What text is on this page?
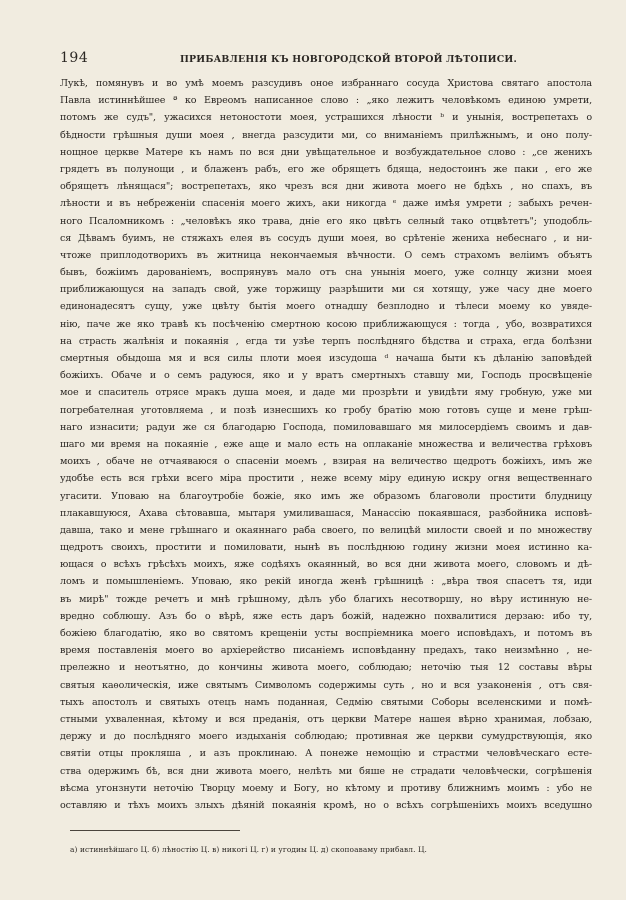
194	ПРИБАВЛЕНІЯ КЪ НОВГОРОДСКОЙ ВТОРОЙ ЛѢТОПИСИ.
Лукѣ, помянувъ и во умѣ моемъ разсудивъ оное избраннаго сосуда Христова святаго апостола
Павла истиннѣйшее ª ко Евреомъ написанное слово : „яко лежитъ человѣкомъ единою умрети,
потомъ же судъ", ужасихся нетоностоти моея, устрашихся лѣности ᵇ и унынія, вострепетахъ о
бѣдности грѣшныя души моея , внегда разсудити ми, со вниманіемъ прилѣжнымъ, и оно полу-
нощное церкве Матере къ намъ по вся дни увѣщательное и возбуждательное слово : „се женихъ
грядетъ въ полунощи , и блаженъ рабъ, его же обрящетъ бдяща, недостоинъ же паки , его же
обрящетъ лѣнящася"; вострепетахъ, яко чрезъ вся дни живота моего не бдѣхъ , но спахъ, въ
лѣности и въ небреженіи спасенія моего жихъ, аки никогда ᵉ даже имѣя умрети ; забыхъ речен-
ного Псаломникомъ : „человѣкъ яко трава, дніе его яко цвѣтъ селный тако отцвѣтетъ"; уподобль-
ся Дѣвамъ буимъ, не стяжахъ елея въ сосудъ души моея, во срѣтеніе жениха небеснаго , и ни-
чтоже приплодотворихъ въ житница некончаемыя вѣчности. О семъ страхомъ велiимъ объятъ
бывъ, божіимъ дарованіемъ, воспрянувъ мало отъ сна унынія моего, уже солнцу жизни моея
приближающуся на западъ свой, уже торжищу разрѣшити ми ся хотящу, уже часу дне моего
единонадесятъ сущу, уже цвѣту бытія моего отнадшу безплодно и тѣлеси моему ко увяде-
нію, паче же яко травѣ къ посѣченію смертною косою приближающуся : тогда , убо, возвратихся
на страсть жалѣнія и покаянія , егда ти узѣе терпъ послѣдняго бѣдства и страха, егда болѣзни
смертныя обыдоша мя и вся силы плоти моея изсудоша ᵈ начаша быти къ дѣланію заповѣдей
божіихъ. Обаче и о семъ радуюся, яко и у вратъ смертныхъ ставшу ми, Господь просвѣщеніе
мое и спаситель отрясе мракъ душа моея, и даде ми прозрѣти и увидѣти яму гробную, уже ми
погребателная уготовляема , и позѣ изнесшихъ ко гробу братію мою готовъ суще и мене грѣш-
наго изнасити; радуи же ся благодарю Господа, помиловавшаго мя милосердіемъ своимъ и дав-
шаго ми время на покаяніе , еже аще и мало есть на оплаканіе множества и величества грѣховъ
моихъ , обаче не отчаяваюся о спасеніи моемъ , взирая на величество щедротъ божіихъ, имъ же
удобѣе есть вся грѣхи всего міра простити , неже всему міру единую искру огня вещественнаго
угасити. Уповаю на благоутробіе божіе, яко имъ же образомъ благоволи простити блудницу
плакавшуюся, Ахава сѣтовавша, мытаря умиливашася, Манассію покаявшася, разбойника исповѣ-
давша, тако и мене грѣшнаго и окаяннаго раба своего, по велицѣй милости своей и по множеству
щедротъ своихъ, простити и помиловати, нынѣ въ послѣднюю годину жизни моея истинно ка-
ющася о всѣхъ грѣсѣхъ моихъ, яже содѣяхъ окаянный, во вся дни живота моего, словомъ и дѣ-
ломъ и помышленіемъ. Уповаю, яко рекій иногда женѣ грѣшницѣ : „вѣра твоя спасетъ тя, иди
въ мирѣ" тожде речетъ и мнѣ грѣшному, дѣлъ убо благихъ несотворшу, но вѣру истинную не-
вредно соблюшу. Азъ бо о вѣрѣ, яже есть даръ божій, надежно похвалитися дерзаю: ибо ту,
божiею благодатію, яко во святомъ крещеніи усты воспріемника моего исповѣдахъ, и потомъ въ
время поставленія моего во архіерейство писаніемъ исповѣданну предахъ, тако неизмѣнно , не-
прележно и неотъятно, до кончины живота моего, соблюдаю; неточію тыя 12 составы вѣры
святыя каѳолическія, иже святымъ Символомъ содержимы суть , но и вся узаконенія , отъ свя-
тыхъ апостолъ и святыхъ отецъ намъ поданная, Седмію святыми Соборы вселенскими и помѣ-
стными ухваленная, кѣтому и вся преданія, отъ церкви Матере нашея вѣрно хранимая, лобзаю,
держу и до послѣдняго моего издыханія соблюдаю; противная же церкви сумудрствующія, яко
святіи отцы прокляша , и азъ проклинаю. А понеже немощію и страстми человѣческаго есте-
ства одержимъ бѣ, вся дни живота моего, нелѣть ми бяше не страдати человѣчески, согрѣшенія
вѣсма угонзнути неточію Творцу моему и Богу, но кѣтому и противу ближнимъ моимъ : убо не
оставляю и тѣхъ моихъ злыхъ дѣяній покаянія кромѣ, но о всѣхъ согрѣшеніихъ моихъ вседушно
а) истиннѣйшаго Ц. б) лѣностію Ц. в) никогі Ц. г) и угодиы Ц. д) скопоаваму прибавл. Ц.
